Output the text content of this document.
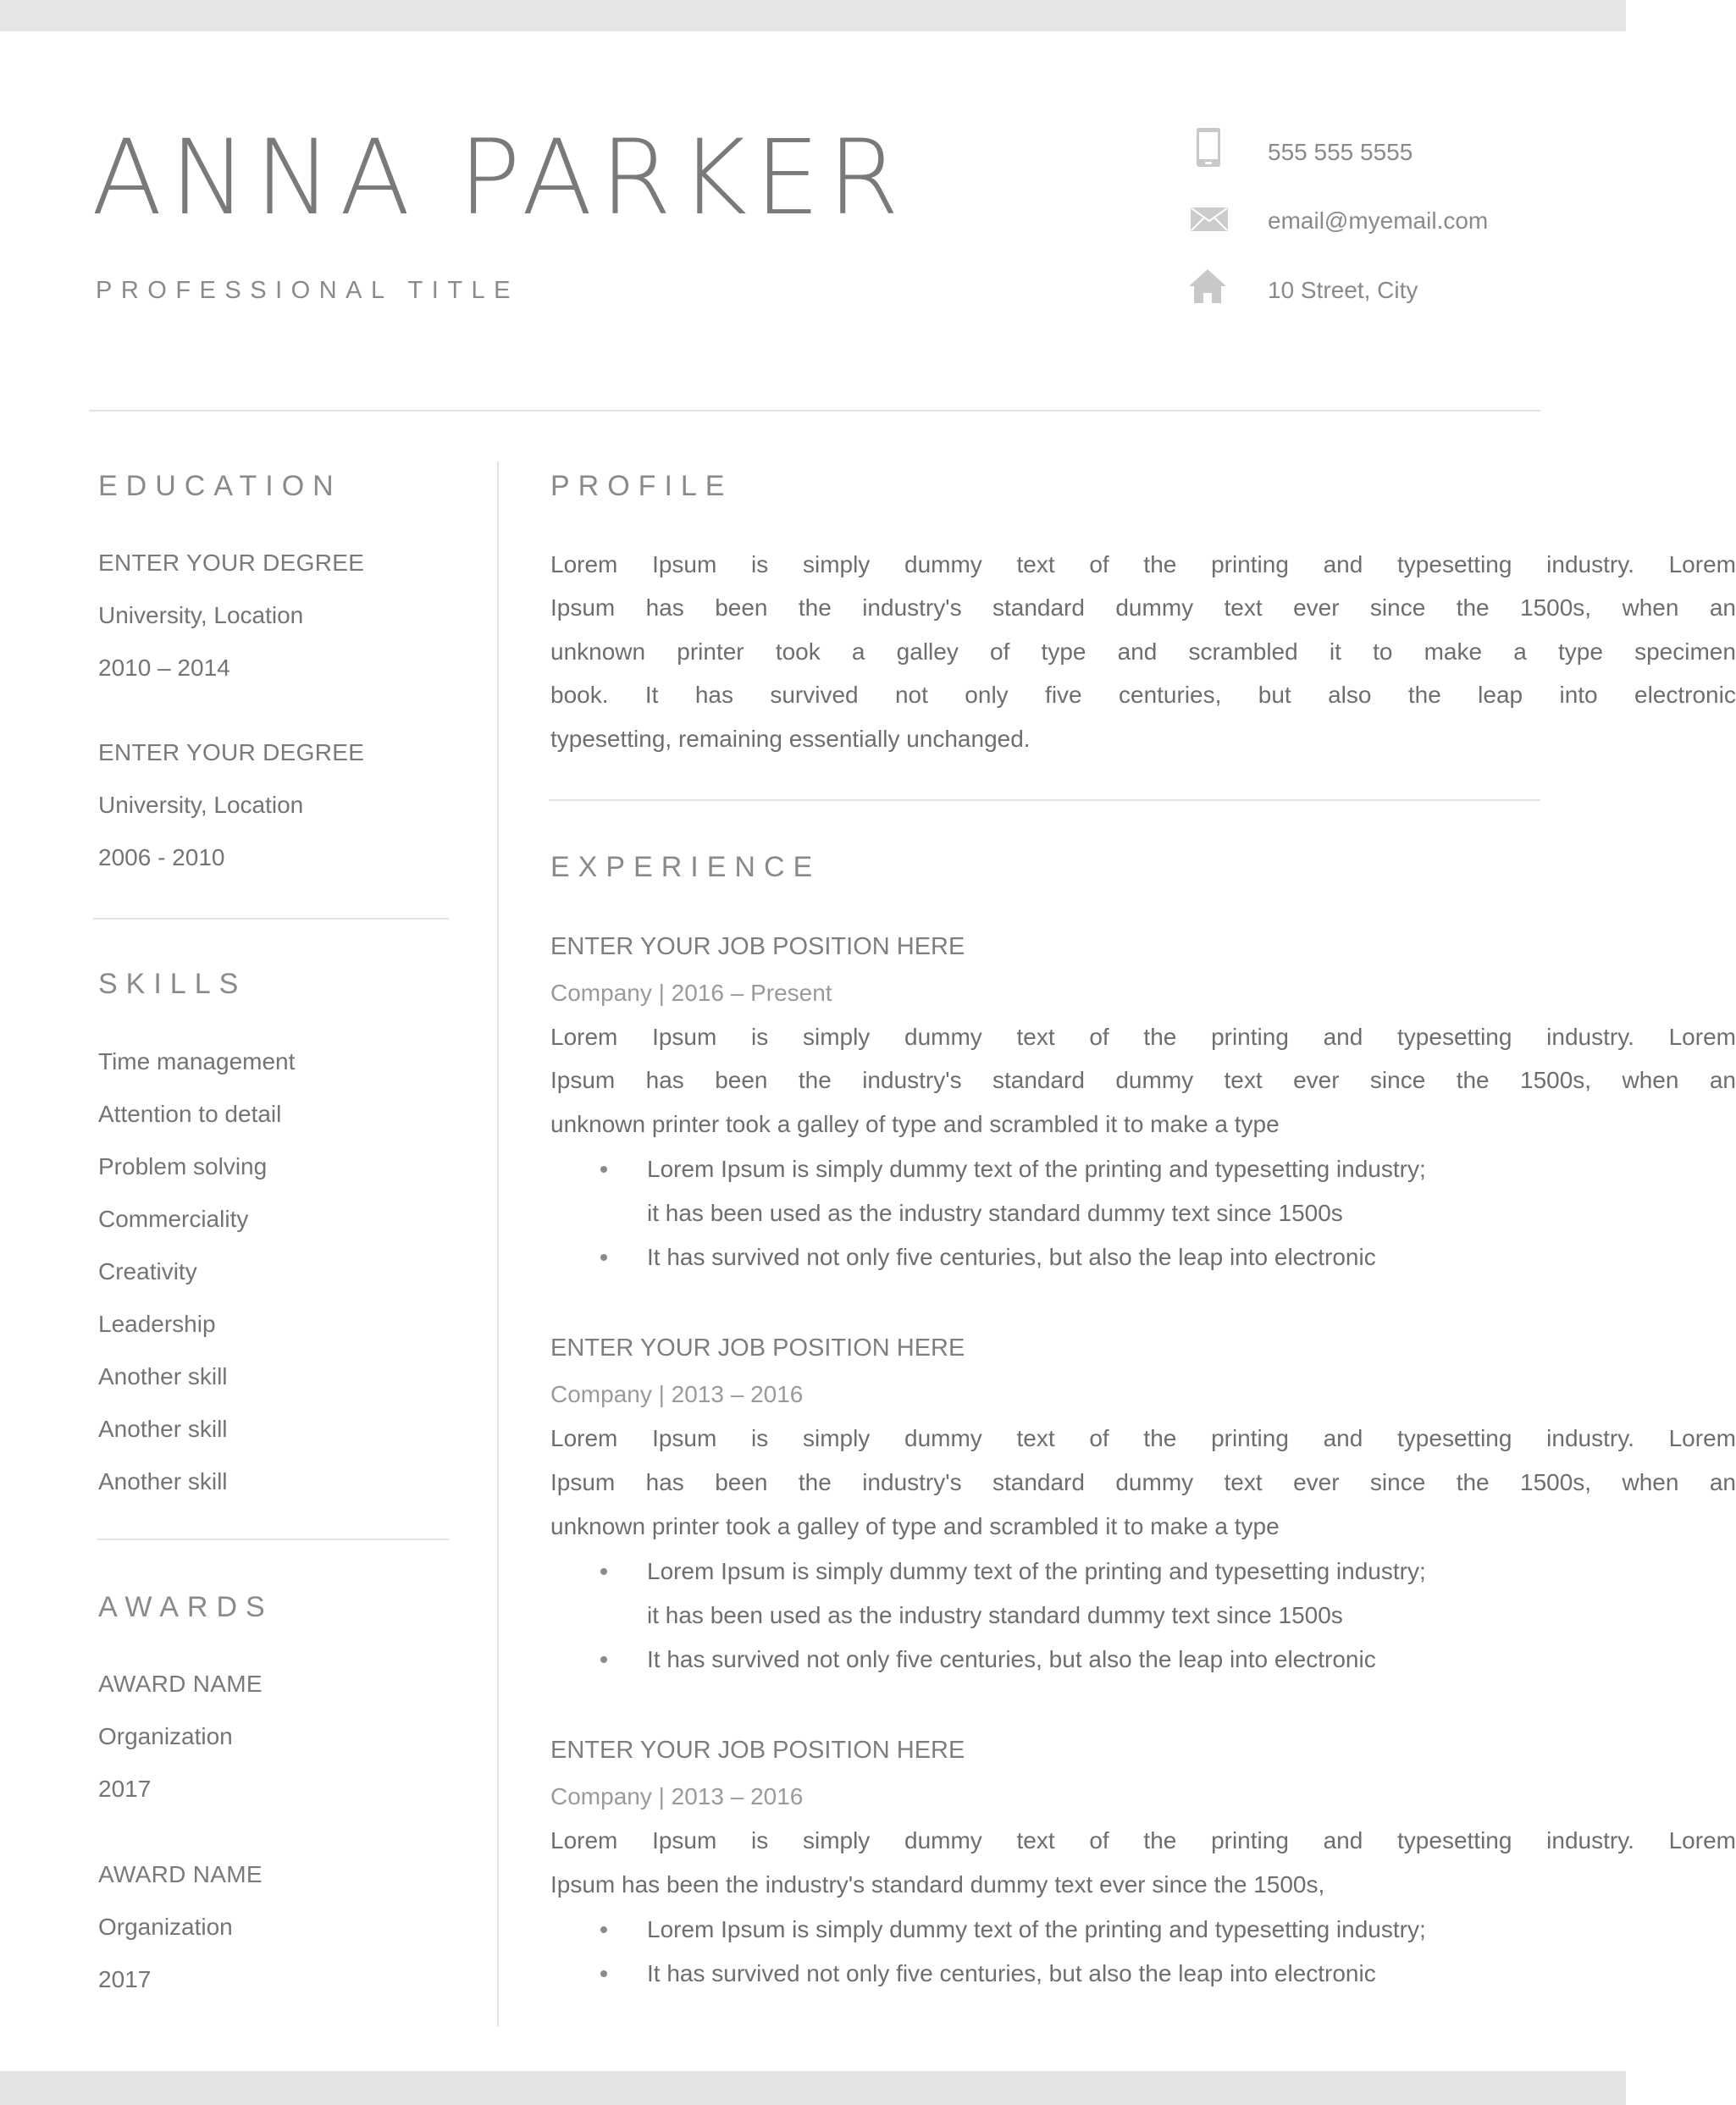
ANNA PARKER
PROFESSIONAL TITLE
555 555 5555
email@myemail.com
10 Street, City
EDUCATION
ENTER YOUR DEGREE
University, Location
2010 – 2014
ENTER YOUR DEGREE
University, Location
2006 - 2010
SKILLS
Time management
Attention to detail
Problem solving
Commerciality
Creativity
Leadership
Another skill
Another skill
Another skill
AWARDS
AWARD NAME
Organization
2017
AWARD NAME
Organization
2017
PROFILE
Lorem Ipsum is simply dummy text of the printing and typesetting industry. Lorem
Ipsum has been the industry's standard dummy text ever since the 1500s, when an
unknown printer took a galley of type and scrambled it to make a type specimen
book. It has survived not only five centuries, but also the leap into electronic
typesetting, remaining essentially unchanged.
EXPERIENCE
ENTER YOUR JOB POSITION HERE
Company | 2016 – Present
Lorem Ipsum is simply dummy text of the printing and typesetting industry. Lorem
Ipsum has been the industry's standard dummy text ever since the 1500s, when an
unknown printer took a galley of type and scrambled it to make a type
Lorem Ipsum is simply dummy text of the printing and typesetting industry;
it has been used as the industry standard dummy text since 1500s
It has survived not only five centuries, but also the leap into electronic
ENTER YOUR JOB POSITION HERE
Company | 2013 – 2016
Lorem Ipsum is simply dummy text of the printing and typesetting industry. Lorem
Ipsum has been the industry's standard dummy text ever since the 1500s, when an
unknown printer took a galley of type and scrambled it to make a type
Lorem Ipsum is simply dummy text of the printing and typesetting industry;
it has been used as the industry standard dummy text since 1500s
It has survived not only five centuries, but also the leap into electronic
ENTER YOUR JOB POSITION HERE
Company | 2013 – 2016
Lorem Ipsum is simply dummy text of the printing and typesetting industry. Lorem
Ipsum has been the industry's standard dummy text ever since the 1500s,
Lorem Ipsum is simply dummy text of the printing and typesetting industry;
It has survived not only five centuries, but also the leap into electronic
